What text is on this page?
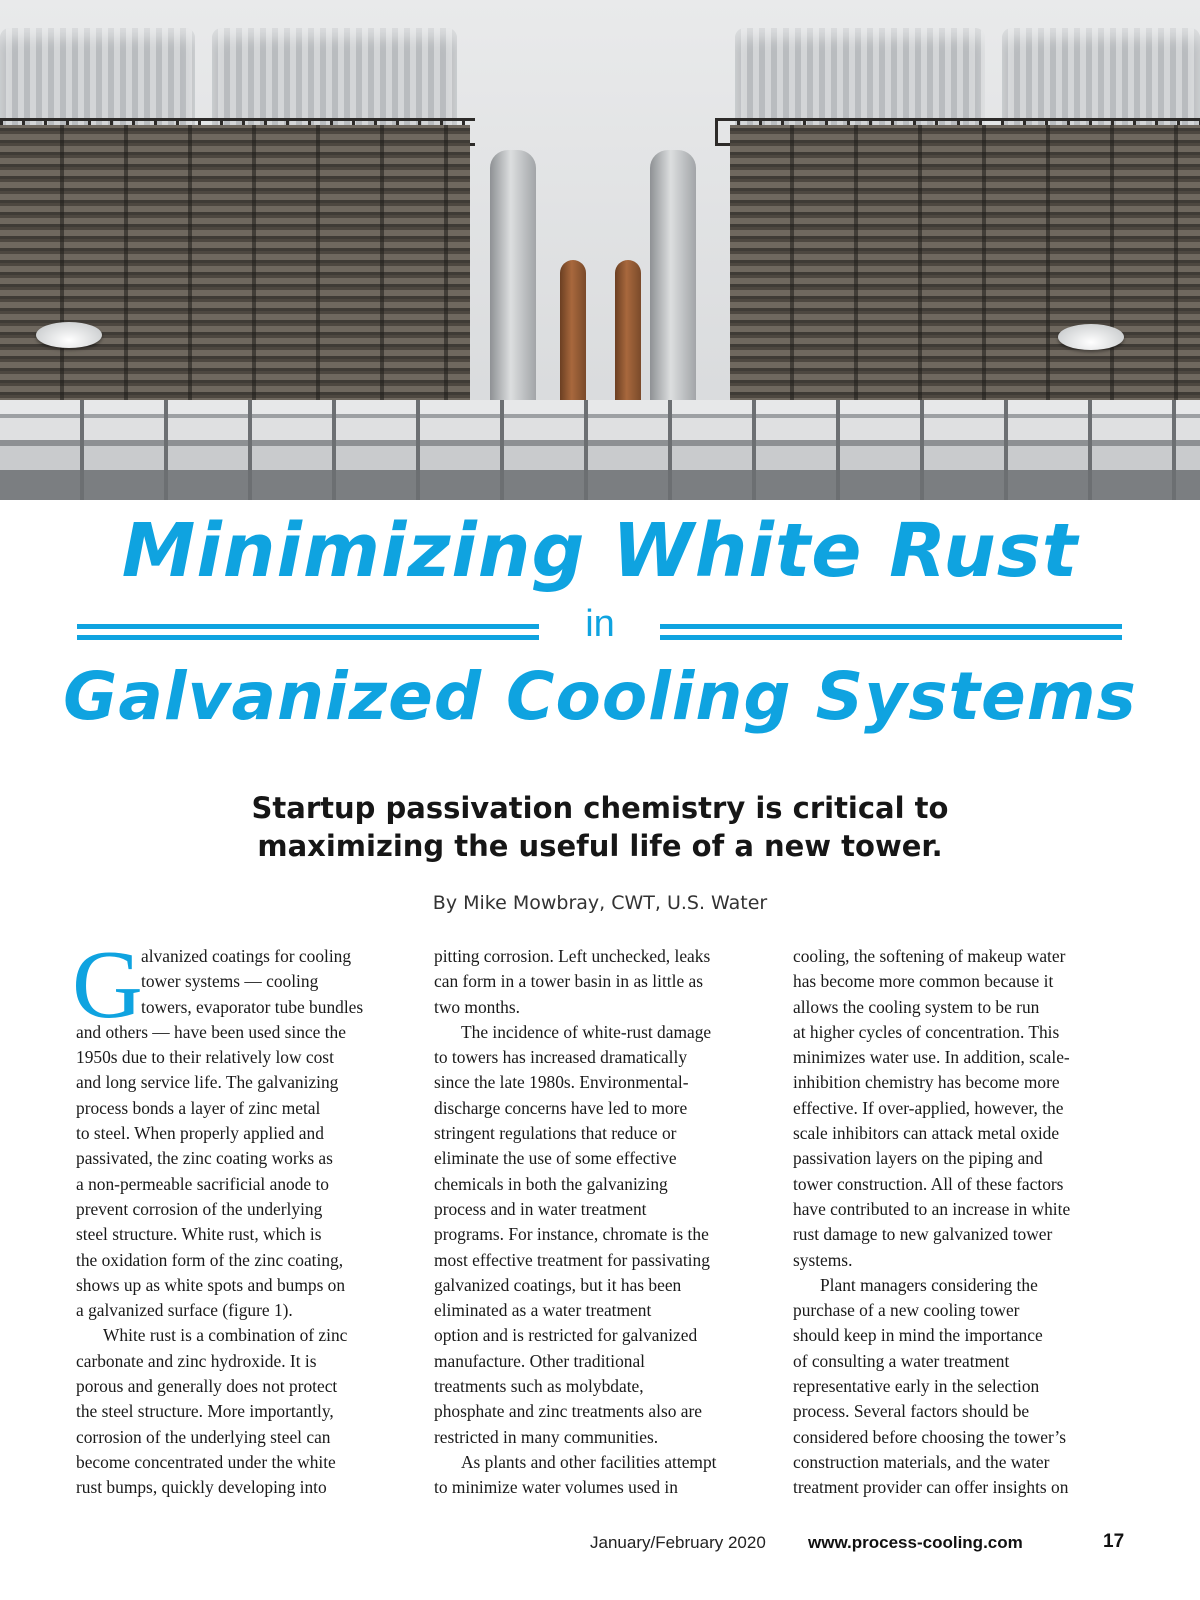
Minimizing White Rust
in
Galvanized Cooling Systems
Startup passivation chemistry is critical to
maximizing the useful life of a new tower.
By Mike Mowbray, CWT, U.S. Water
G
alvanized coatings for cooling
tower systems — cooling
towers, evaporator tube bundles
and others — have been used since the
1950s due to their relatively low cost
and long service life. The galvanizing
process bonds a layer of zinc metal
to steel. When properly applied and
passivated, the zinc coating works as
a non-permeable sacrificial anode to
prevent corrosion of the underlying
steel structure. White rust, which is
the oxidation form of the zinc coating,
shows up as white spots and bumps on
a galvanized surface (figure 1).
White rust is a combination of zinc
carbonate and zinc hydroxide. It is
porous and generally does not protect
the steel structure. More importantly,
corrosion of the underlying steel can
become concentrated under the white
rust bumps, quickly developing into
pitting corrosion. Left unchecked, leaks
can form in a tower basin in as little as
two months.
The incidence of white-rust damage
to towers has increased dramatically
since the late 1980s. Environmental-
discharge concerns have led to more
stringent regulations that reduce or
eliminate the use of some effective
chemicals in both the galvanizing
process and in water treatment
programs. For instance, chromate is the
most effective treatment for passivating
galvanized coatings, but it has been
eliminated as a water treatment
option and is restricted for galvanized
manufacture. Other traditional
treatments such as molybdate,
phosphate and zinc treatments also are
restricted in many communities.
As plants and other facilities attempt
to minimize water volumes used in
cooling, the softening of makeup water
has become more common because it
allows the cooling system to be run
at higher cycles of concentration. This
minimizes water use. In addition, scale-
inhibition chemistry has become more
effective. If over-applied, however, the
scale inhibitors can attack metal oxide
passivation layers on the piping and
tower construction. All of these factors
have contributed to an increase in white
rust damage to new galvanized tower
systems.
Plant managers considering the
purchase of a new cooling tower
should keep in mind the importance
of consulting a water treatment
representative early in the selection
process. Several factors should be
considered before choosing the tower’s
construction materials, and the water
treatment provider can offer insights on
January/February 2020 www.process-cooling.com	17
